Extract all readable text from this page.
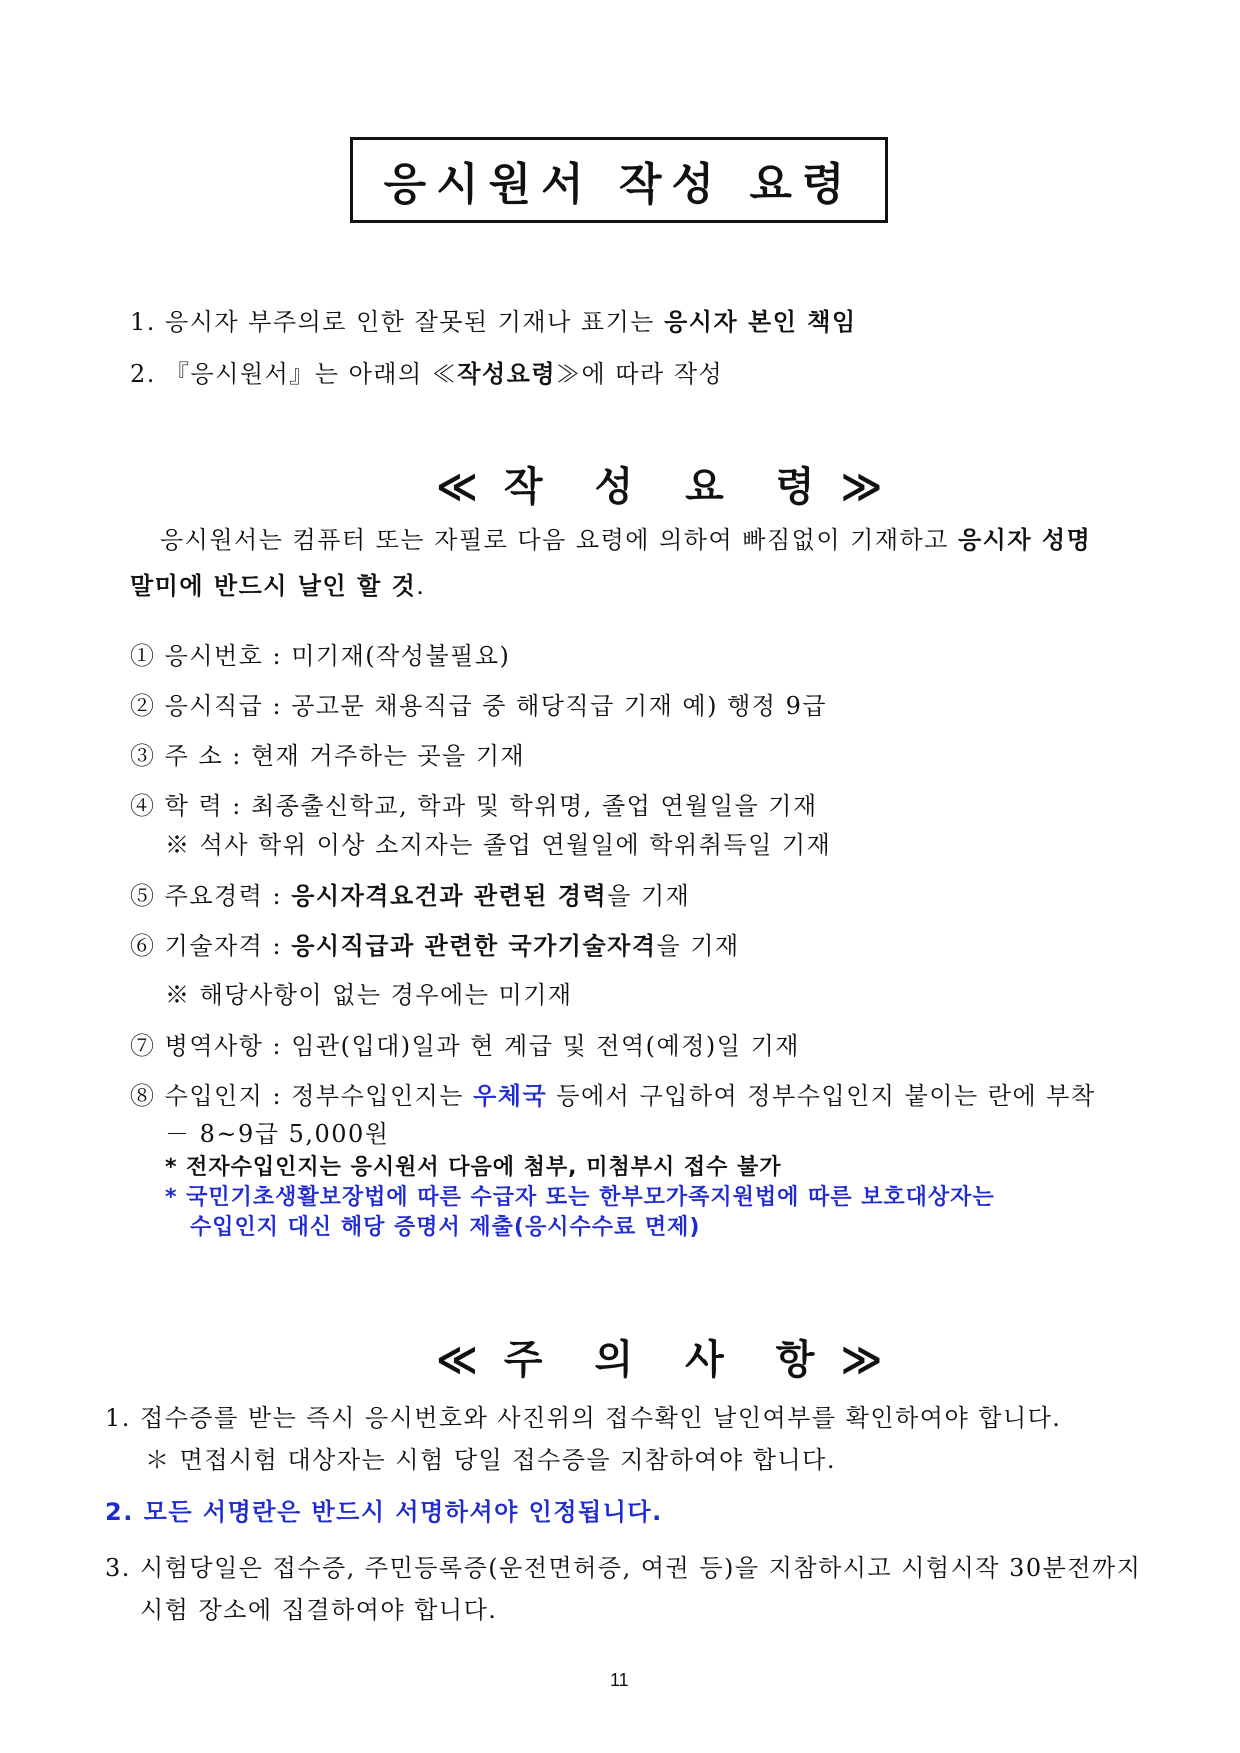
응시원서 작성 요령
1. 응시자 부주의로 인한 잘못된 기재나 표기는 응시자 본인 책임
2. 『응시원서』는 아래의 ≪작성요령≫에 따라 작성
≪ 작 성 요 령 ≫
응시원서는 컴퓨터 또는 자필로 다음 요령에 의하여 빠짐없이 기재하고 응시자 성명
말미에 반드시 날인 할 것.
① 응시번호 : 미기재(작성불필요)
② 응시직급 : 공고문 채용직급 중 해당직급 기재 예) 행정 9급
③ 주 소 : 현재 거주하는 곳을 기재
④ 학 력 : 최종출신학교, 학과 및 학위명, 졸업 연월일을 기재
※ 석사 학위 이상 소지자는 졸업 연월일에 학위취득일 기재
⑤ 주요경력 : 응시자격요건과 관련된 경력을 기재
⑥ 기술자격 : 응시직급과 관련한 국가기술자격을 기재
※ 해당사항이 없는 경우에는 미기재
⑦ 병역사항 : 임관(입대)일과 현 계급 및 전역(예정)일 기재
⑧ 수입인지 : 정부수입인지는 우체국 등에서 구입하여 정부수입인지 붙이는 란에 부착
－ 8~9급 5,000원
* 전자수입인지는 응시원서 다음에 첨부, 미첨부시 접수 불가
* 국민기초생활보장법에 따른 수급자 또는 한부모가족지원법에 따른 보호대상자는
수입인지 대신 해당 증명서 제출(응시수수료 면제)
≪ 주 의 사 항 ≫
1. 접수증를 받는 즉시 응시번호와 사진위의 접수확인 날인여부를 확인하여야 합니다.
＊ 면접시험 대상자는 시험 당일 접수증을 지참하여야 합니다.
2. 모든 서명란은 반드시 서명하셔야 인정됩니다.
3. 시험당일은 접수증, 주민등록증(운전면허증, 여권 등)을 지참하시고 시험시작 30분전까지
시험 장소에 집결하여야 합니다.
11
